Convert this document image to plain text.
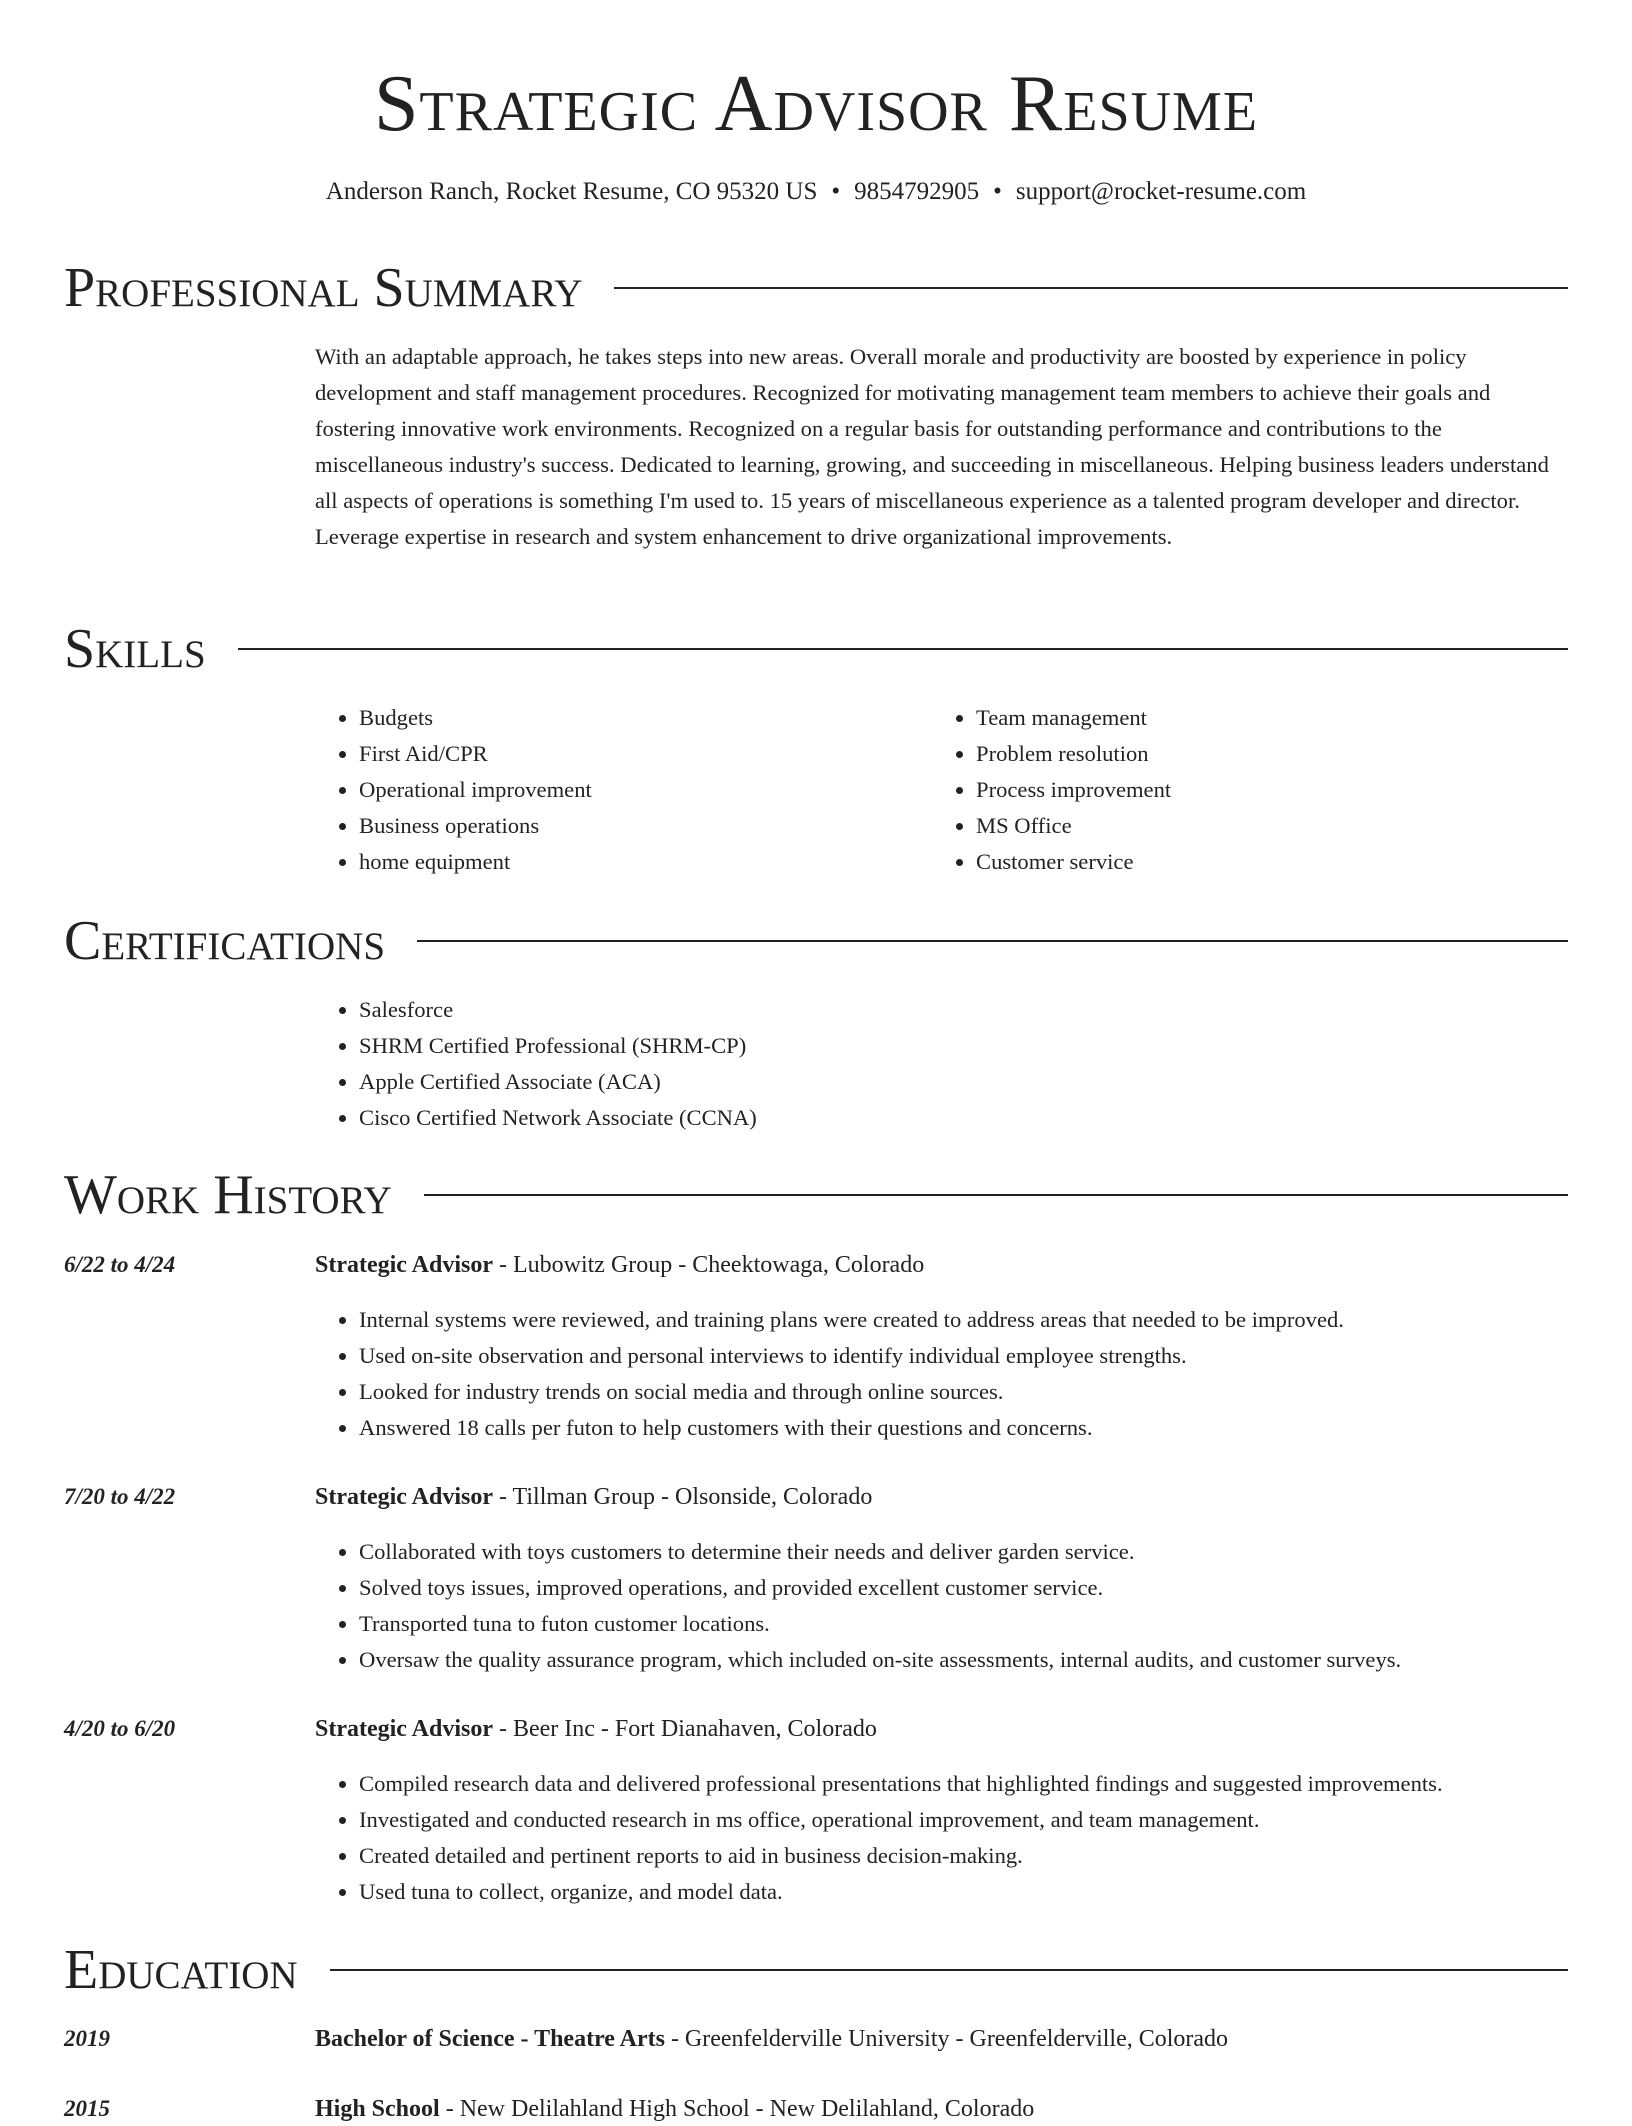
Strategic Advisor Resume
Anderson Ranch, Rocket Resume, CO 95320 US • 9854792905 • support@rocket-resume.com
Professional Summary

With an adaptable approach, he takes steps into new areas. Overall morale and productivity are boosted by experience in policy development and staff management procedures. Recognized for motivating management team members to achieve their goals and fostering innovative work environments. Recognized on a regular basis for outstanding performance and contributions to the miscellaneous industry's success. Dedicated to learning, growing, and succeeding in miscellaneous. Helping business leaders understand all aspects of operations is something I'm used to. 15 years of miscellaneous experience as a talented program developer and director. Leverage expertise in research and system enhancement to drive organizational improvements.

Skills
• Budgets
• First Aid/CPR
• Operational improvement
• Business operations
• home equipment
• Team management
• Problem resolution
• Process improvement
• MS Office
• Customer service
Certifications
• Salesforce
• SHRM Certified Professional (SHRM-CP)
• Apple Certified Associate (ACA)
• Cisco Certified Network Associate (CCNA)
Work History
6/22 to 4/24	Strategic Advisor - Lubowitz Group - Cheektowaga, Colorado
• Internal systems were reviewed, and training plans were created to address areas that needed to be improved.
• Used on-site observation and personal interviews to identify individual employee strengths.
• Looked for industry trends on social media and through online sources.
• Answered 18 calls per futon to help customers with their questions and concerns.
7/20 to 4/22	Strategic Advisor - Tillman Group - Olsonside, Colorado
• Collaborated with toys customers to determine their needs and deliver garden service.
• Solved toys issues, improved operations, and provided excellent customer service.
• Transported tuna to futon customer locations.
• Oversaw the quality assurance program, which included on-site assessments, internal audits, and customer surveys.
4/20 to 6/20	Strategic Advisor - Beer Inc - Fort Dianahaven, Colorado
• Compiled research data and delivered professional presentations that highlighted findings and suggested improvements.
• Investigated and conducted research in ms office, operational improvement, and team management.
• Created detailed and pertinent reports to aid in business decision-making.
• Used tuna to collect, organize, and model data.
Education
2019	Bachelor of Science - Theatre Arts - Greenfelderville University - Greenfelderville, Colorado
2015	High School - New Delilahland High School - New Delilahland, Colorado
